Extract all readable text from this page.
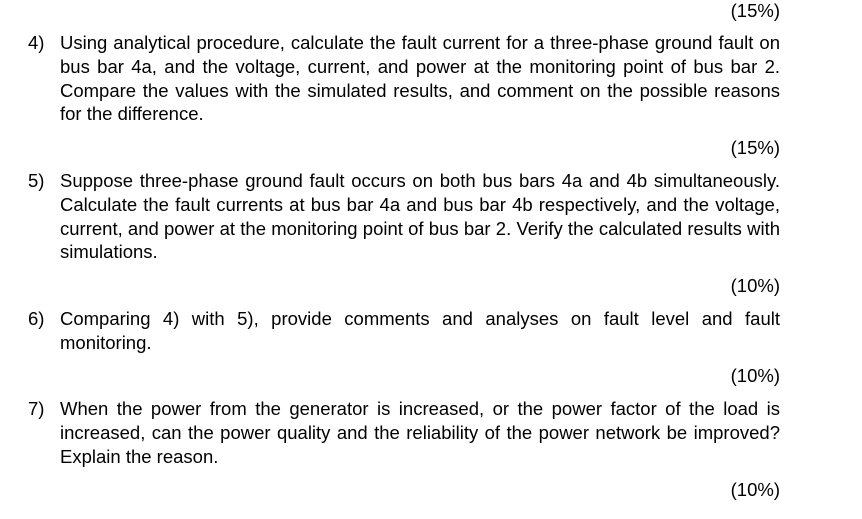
(15%)
4) Using analytical procedure, calculate the fault current for a three-phase ground fault on bus bar 4a, and the voltage, current, and power at the monitoring point of bus bar 2. Compare the values with the simulated results, and comment on the possible reasons for the difference.
(15%)
5) Suppose three-phase ground fault occurs on both bus bars 4a and 4b simultaneously. Calculate the fault currents at bus bar 4a and bus bar 4b respectively, and the voltage, current, and power at the monitoring point of bus bar 2. Verify the calculated results with simulations.
(10%)
6) Comparing 4) with 5), provide comments and analyses on fault level and fault monitoring.
(10%)
7) When the power from the generator is increased, or the power factor of the load is increased, can the power quality and the reliability of the power network be improved? Explain the reason.
(10%)
